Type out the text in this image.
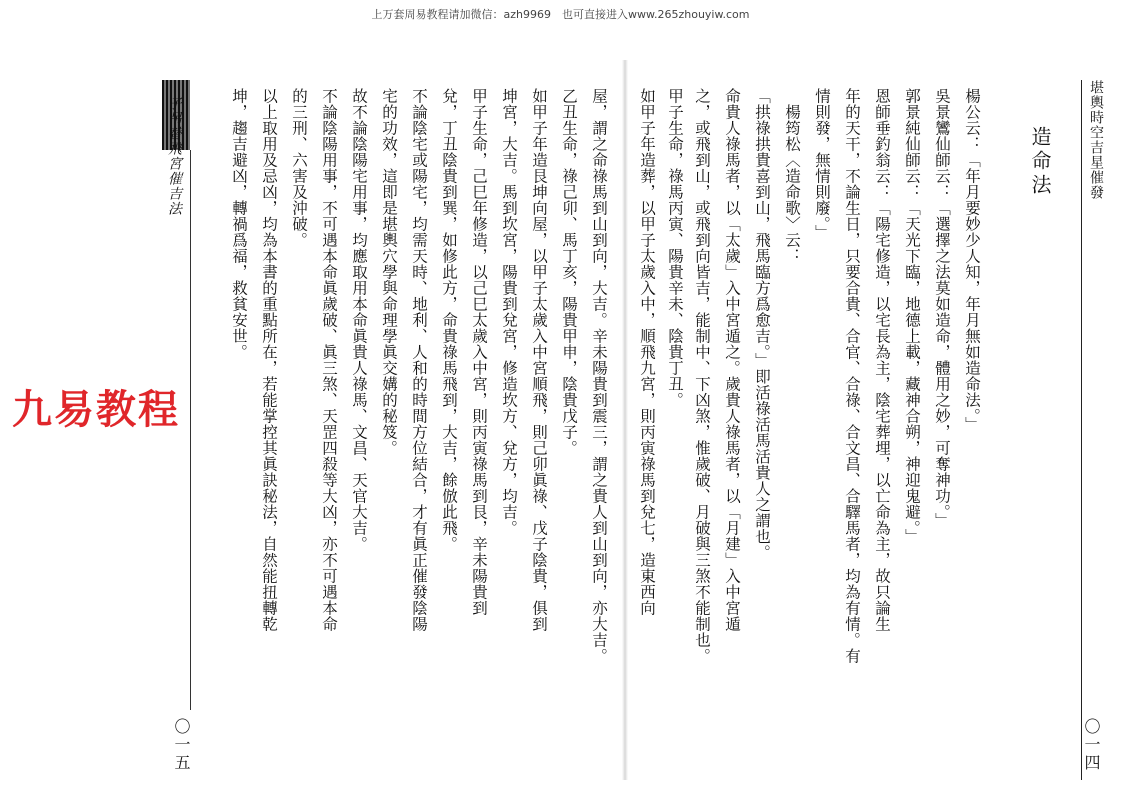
上万套周易教程请加微信：azh9969　也可直接进入www.265zhouyiw.com
堪輿時空吉星催發
造命法
楊公云：「年月要妙少人知，年月無如造命法。」
吳景鸞仙師云：「選擇之法莫如造命，體用之妙，可奪神功。」
郭景純仙師云：「天光下臨，地德上載，藏神合朔，神迎鬼避。」
恩師垂釣翁云：「陽宅修造，以宅長為主，陰宅葬埋，以亡命為主，故只論生
年的天干，不論生日，只要合貴、合官、合祿、合文昌、合驛馬者，均為有情。有
情則發，無情則廢。」
　楊筠松〈造命歌〉云：
「拱祿拱貴喜到山，飛馬臨方爲愈吉。」即活祿活馬活貴人之謂也。
命貴人祿馬者，以「太歲」入中宮遁之。歲貴人祿馬者，以「月建」入中宮遁
之，或飛到山，或飛到向皆吉，能制中、下凶煞，惟歲破、月破與三煞不能制也。
甲子生命，祿馬丙寅、陽貴辛未、陰貴丁丑。
如甲子年造葬，以甲子太歲入中，順飛九宮，則丙寅祿馬到兌七，造東西向
〇一四
子吊替飛宮催吉法	屋，謂之命祿馬到山到向，大吉。辛未陽貴到震三，謂之貴人到山到向，亦大吉。
乙丑生命，祿己卯、馬丁亥，陽貴甲申，陰貴戊子。
如甲子年造艮坤向屋，以甲子太歲入中宮順飛，則己卯眞祿、戊子陰貴，俱到
坤宮，大吉。馬到坎宮，陽貴到兌宮，修造坎方、兌方，均吉。
甲子生命，己巳年修造，以己巳太歲入中宮，則丙寅祿馬到艮，辛未陽貴到
兌，丁丑陰貴到巽，如修此方，命貴祿馬飛到，大吉，餘倣此飛。
不論陰宅或陽宅，均需天時、地利、人和的時間方位結合，才有眞正催發陰陽
宅的功效，這即是堪輿穴學與命理學眞交媾的秘笈。
故不論陰陽宅用事，均應取用本命眞貴人祿馬、文昌、天官大吉。
不論陰陽用事，不可遇本命眞歲破、眞三煞、天罡四殺等大凶，亦不可遇本命
的三刑、六害及沖破。
以上取用及忌凶，均為本書的重點所在，若能掌控其眞訣秘法，自然能扭轉乾
坤，趨吉避凶，轉禍爲福，救貧安世。
〇一五
九易教程
